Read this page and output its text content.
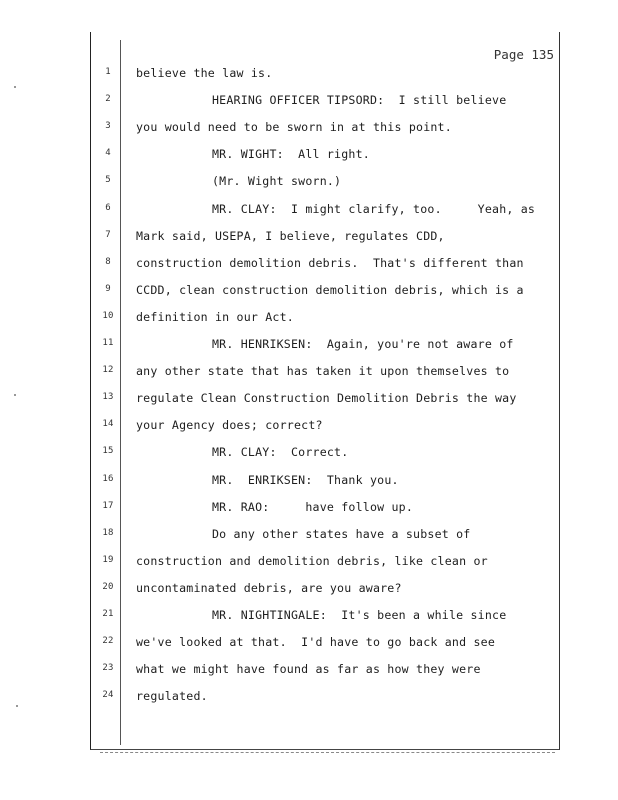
Page 135
1	believe the law is.
2	HEARING OFFICER TIPSORD:  I still believe
3	you would need to be sworn in at this point.
4	MR. WIGHT:  All right.
5	(Mr. Wight sworn.)
6	MR. CLAY:  I might clarify, too.     Yeah, as
7	Mark said, USEPA, I believe, regulates CDD,
8	construction demolition debris.  That's different than
9	CCDD, clean construction demolition debris, which is a
10 definition in our Act.
11	MR. HENRIKSEN:  Again, you're not aware of
12 any other state that has taken it upon themselves to
13 regulate Clean Construction Demolition Debris the way
14 your Agency does; correct?
15	MR. CLAY:  Correct.
16	MR.  ENRIKSEN:  Thank you.
17	MR. RAO:     have follow up.
18	Do any other states have a subset of
19 construction and demolition debris, like clean or
20 uncontaminated debris, are you aware?
21	MR. NIGHTINGALE:  It's been a while since
22 we've looked at that.  I'd have to go back and see
23 what we might have found as far as how they were
24 regulated.
